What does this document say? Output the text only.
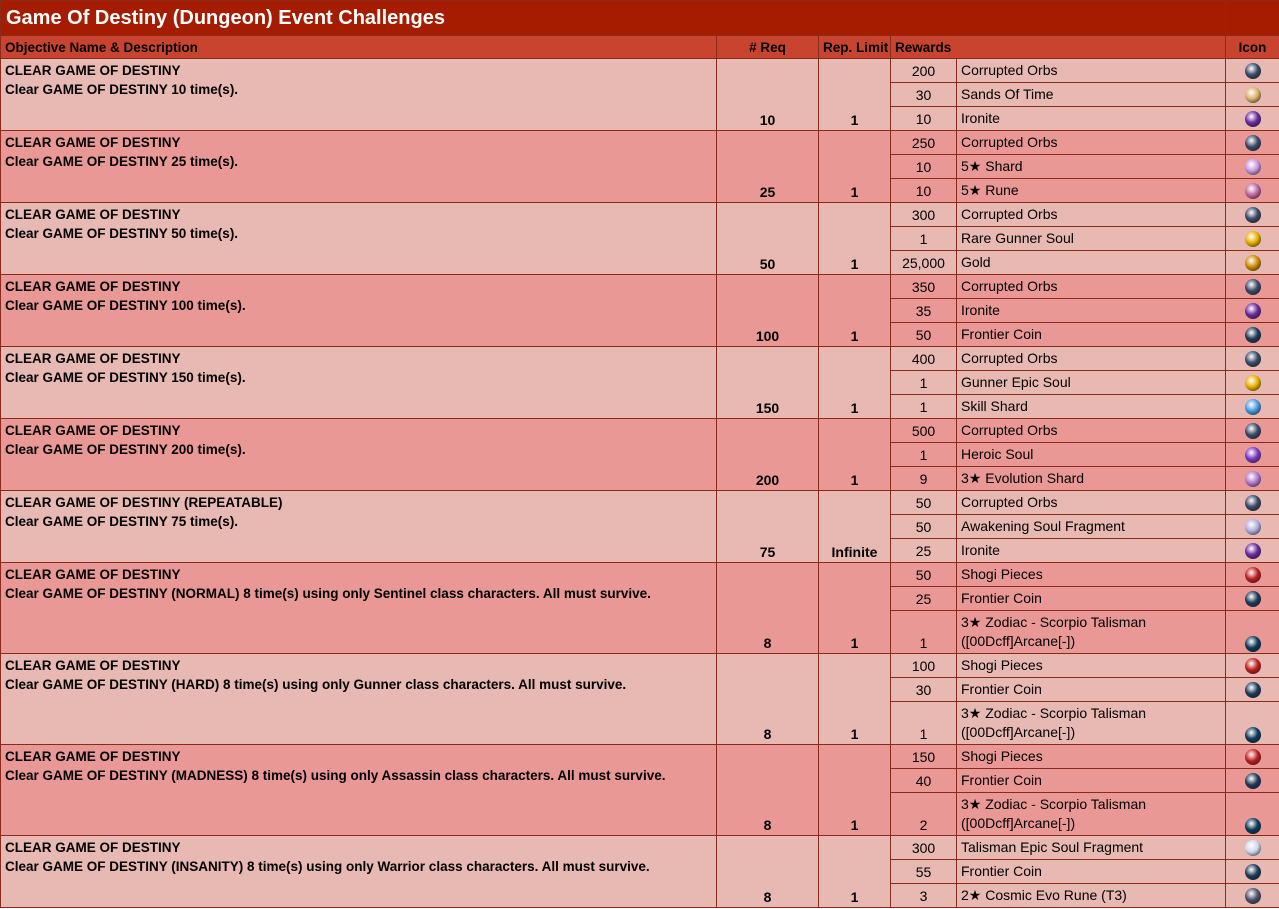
Game Of Destiny (Dungeon) Event Challenges					
Objective Name & Description	# Req	Rep. Limit	Rewards		Icon

CLEAR GAME OF DESTINY
Clear GAME OF DESTINY 10 time(s).	10	1	200	Corrupted Orbs	
			30	Sands Of Time	
			10	Ironite	

CLEAR GAME OF DESTINY
Clear GAME OF DESTINY 25 time(s).	25	1	250	Corrupted Orbs	
			10	5★ Shard	
			10	5★ Rune	

CLEAR GAME OF DESTINY
Clear GAME OF DESTINY 50 time(s).	50	1	300	Corrupted Orbs	
			1	Rare Gunner Soul	
			25,000	Gold	

CLEAR GAME OF DESTINY
Clear GAME OF DESTINY 100 time(s).	100	1	350	Corrupted Orbs	
			35	Ironite	
			50	Frontier Coin	

CLEAR GAME OF DESTINY
Clear GAME OF DESTINY 150 time(s).	150	1	400	Corrupted Orbs	
			1	Gunner Epic Soul	
			1	Skill Shard	

CLEAR GAME OF DESTINY
Clear GAME OF DESTINY 200 time(s).	200	1	500	Corrupted Orbs	
			1	Heroic Soul	
			9	3★ Evolution Shard	

CLEAR GAME OF DESTINY (REPEATABLE)
Clear GAME OF DESTINY 75 time(s).	75	Infinite	50	Corrupted Orbs	
			50	Awakening Soul Fragment	
			25	Ironite	

CLEAR GAME OF DESTINY
Clear GAME OF DESTINY (NORMAL) 8 time(s) using only Sentinel class characters. All must survive.	8	1	50	Shogi Pieces	
			25	Frontier Coin	
			1	3★ Zodiac - Scorpio Talisman ([00Dcff]Arcane[-])	

CLEAR GAME OF DESTINY
Clear GAME OF DESTINY (HARD) 8 time(s) using only Gunner class characters. All must survive.	8	1	100	Shogi Pieces	
			30	Frontier Coin	
			1	3★ Zodiac - Scorpio Talisman ([00Dcff]Arcane[-])	

CLEAR GAME OF DESTINY
Clear GAME OF DESTINY (MADNESS) 8 time(s) using only Assassin class characters. All must survive.	8	1	150	Shogi Pieces	
			40	Frontier Coin	
			2	3★ Zodiac - Scorpio Talisman ([00Dcff]Arcane[-])	

CLEAR GAME OF DESTINY
Clear GAME OF DESTINY (INSANITY) 8 time(s) using only Warrior class characters. All must survive.	8	1	300	Talisman Epic Soul Fragment	
			55	Frontier Coin	
			3	2★ Cosmic Evo Rune (T3)	
